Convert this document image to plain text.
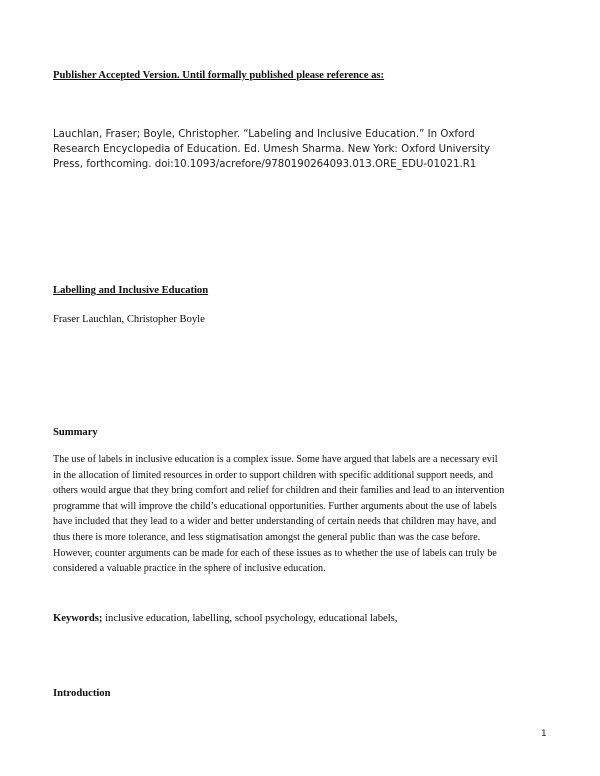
Publisher Accepted Version. Until formally published please reference as:
Lauchlan, Fraser; Boyle, Christopher. “Labeling and Inclusive Education.” In Oxford
Research Encyclopedia of Education. Ed. Umesh Sharma. New York: Oxford University
Press, forthcoming. doi:10.1093/acrefore/9780190264093.013.ORE_EDU-01021.R1
Labelling and Inclusive Education
Fraser Lauchlan, Christopher Boyle
Summary
The use of labels in inclusive education is a complex issue. Some have argued that labels are a necessary evil
in the allocation of limited resources in order to support children with specific additional support needs, and
others would argue that they bring comfort and relief for children and their families and lead to an intervention
programme that will improve the child’s educational opportunities. Further arguments about the use of labels
have included that they lead to a wider and better understanding of certain needs that children may have, and
thus there is more tolerance, and less stigmatisation amongst the general public than was the case before.
However, counter arguments can be made for each of these issues as to whether the use of labels can truly be
considered a valuable practice in the sphere of inclusive education.
Keywords; inclusive education, labelling, school psychology, educational labels,
Introduction
1
